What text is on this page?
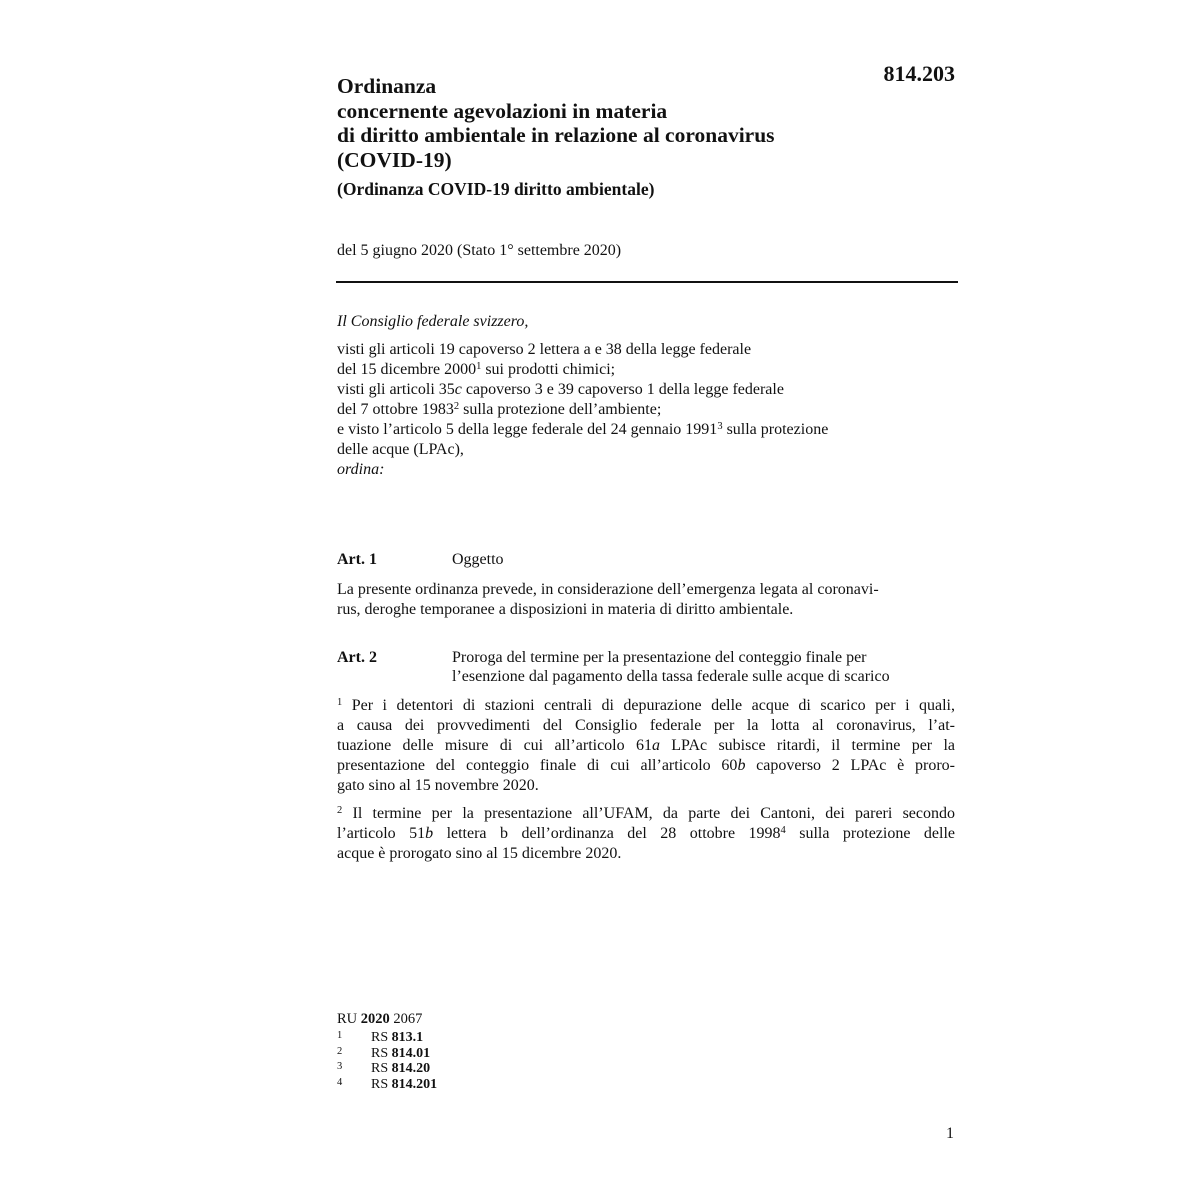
814.203
Ordinanza
concernente agevolazioni in materia
di diritto ambientale in relazione al coronavirus
(COVID-19)
(Ordinanza COVID-19 diritto ambientale)
del 5 giugno 2020 (Stato 1° settembre 2020)
Il Consiglio federale svizzero,
visti gli articoli 19 capoverso 2 lettera a e 38 della legge federale
del 15 dicembre 2000$^1$ sui prodotti chimici;
visti gli articoli 35c capoverso 3 e 39 capoverso 1 della legge federale
del 7 ottobre 1983$^2$ sulla protezione dell’ambiente;
e visto l’articolo 5 della legge federale del 24 gennaio 1991$^3$ sulla protezione
delle acque (LPAc),
ordina:
Art. 1	Oggetto
La presente ordinanza prevede, in considerazione dell’emergenza legata al coronavi-
rus, deroghe temporanee a disposizioni in materia di diritto ambientale.
Art. 2	Proroga del termine per la presentazione del conteggio finale per
l’esenzione dal pagamento della tassa federale sulle acque di scarico
$^1$ Per i detentori di stazioni centrali di depurazione delle acque di scarico per i quali,
a causa dei provvedimenti del Consiglio federale per la lotta al coronavirus, l’at-
tuazione delle misure di cui all’articolo 61a LPAc subisce ritardi, il termine per la
presentazione del conteggio finale di cui all’articolo 60b capoverso 2 LPAc è proro-
gato sino al 15 novembre 2020.
$^2$ Il termine per la presentazione all’UFAM, da parte dei Cantoni, dei pareri secondo
l’articolo 51b lettera b dell’ordinanza del 28 ottobre 1998$^4$ sulla protezione delle
acque è prorogato sino al 15 dicembre 2020.
RU 2020 2067
1 RS 813.1
2 RS 814.01
3 RS 814.20
4 RS 814.201
1
